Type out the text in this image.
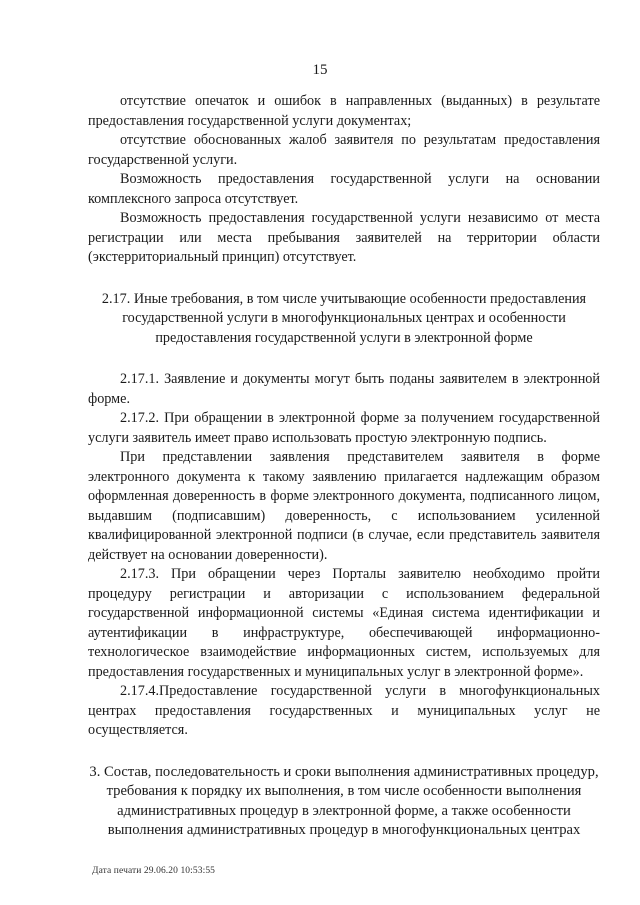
15

отсутствие опечаток и ошибок в направленных (выданных) в результате предоставления государственной услуги документах;

отсутствие обоснованных жалоб заявителя по результатам предоставления государственной услуги.

Возможность предоставления государственной услуги на основании комплексного запроса отсутствует.

Возможность предоставления государственной услуги независимо от места регистрации или места пребывания заявителей на территории области (экстерриториальный принцип) отсутствует.

2.17. Иные требования, в том числе учитывающие особенности предоставления государственной услуги в многофункциональных центрах и особенности предоставления государственной услуги в электронной форме

2.17.1. Заявление и документы могут быть поданы заявителем в электронной форме.

2.17.2. При обращении в электронной форме за получением государственной услуги заявитель имеет право использовать простую электронную подпись.

При представлении заявления представителем заявителя в форме электронного документа к такому заявлению прилагается надлежащим образом оформленная доверенность в форме электронного документа, подписанного лицом, выдавшим (подписавшим) доверенность, с использованием усиленной квалифицированной электронной подписи (в случае, если представитель заявителя действует на основании доверенности).

2.17.3. При обращении через Порталы заявителю необходимо пройти процедуру регистрации и авторизации с использованием федеральной государственной информационной системы «Единая система идентификации и аутентификации в инфраструктуре, обеспечивающей информационно-технологическое взаимодействие информационных систем, используемых для предоставления государственных и муниципальных услуг в электронной форме».

2.17.4.Предоставление государственной услуги в многофункциональных центрах предоставления государственных и муниципальных услуг не осуществляется.

3. Состав, последовательность и сроки выполнения административных процедур, требования к порядку их выполнения, в том числе особенности выполнения административных процедур в электронной форме, а также особенности выполнения административных процедур в многофункциональных центрах
Дата печати 29.06.20 10:53:55
